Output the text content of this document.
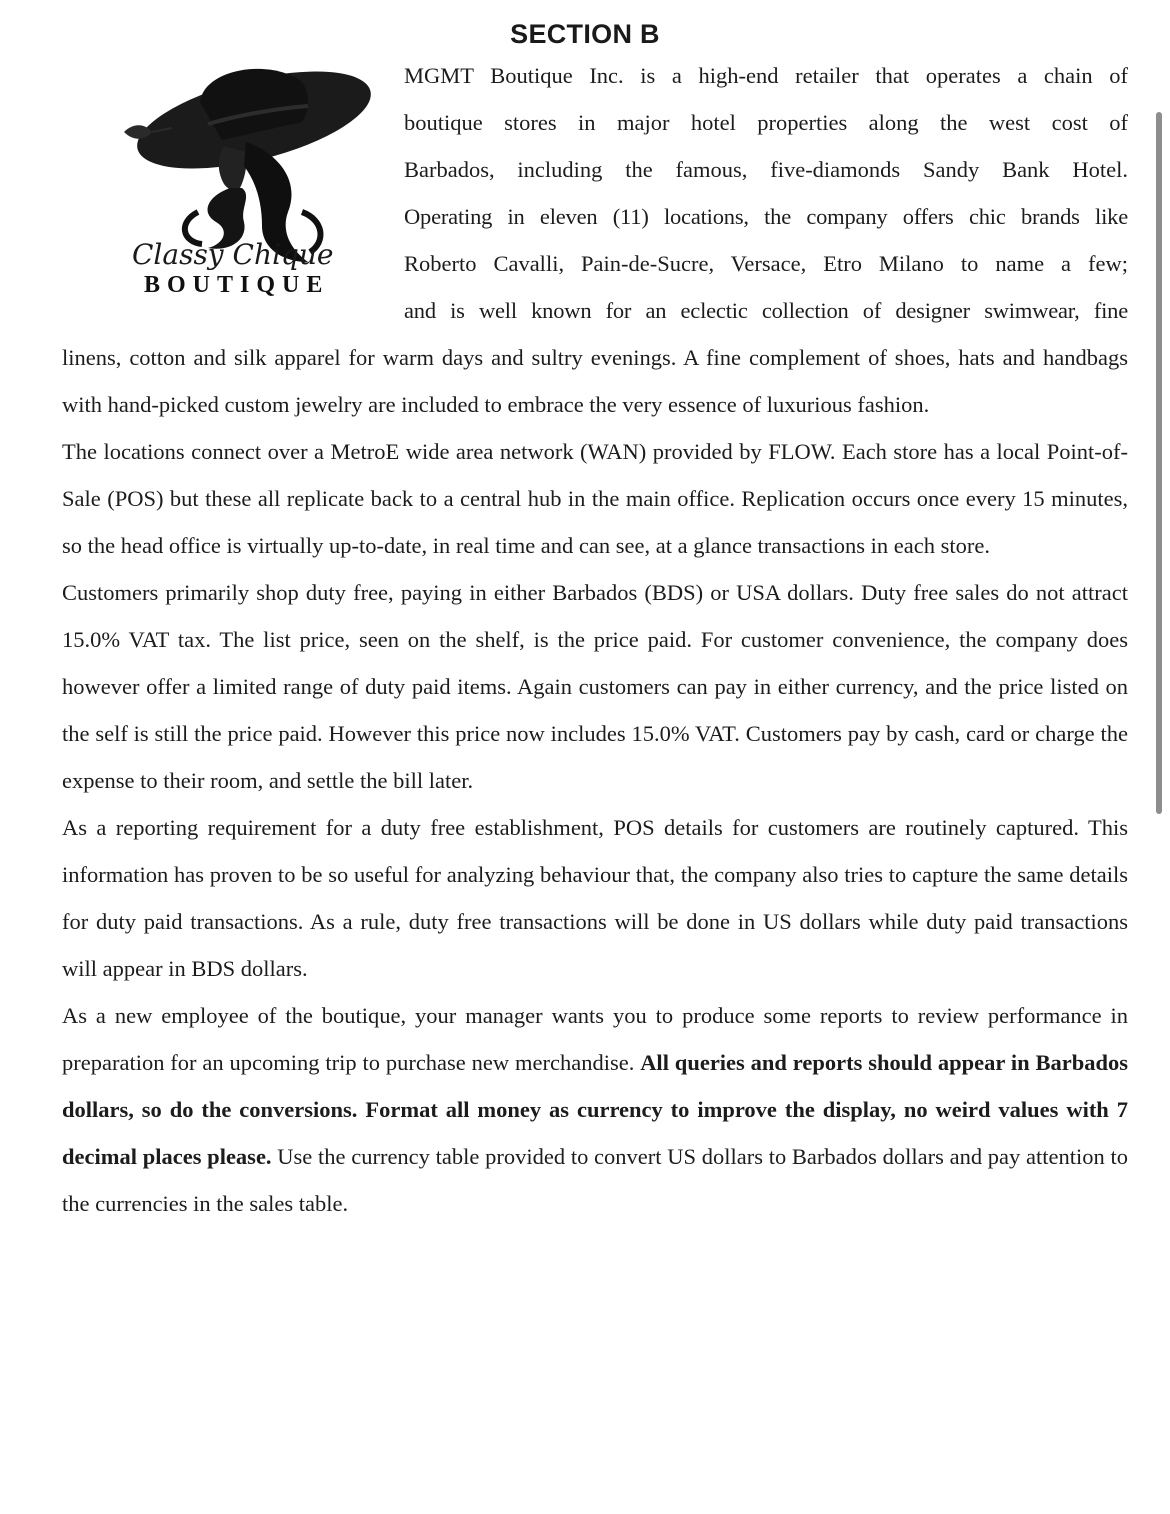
SECTION B
Classy Chique
BOUTIQUE
MGMT Boutique Inc. is a high-end retailer that operates a chain of
boutique stores in major hotel properties along the west cost of
Barbados, including the famous, five-diamonds Sandy Bank Hotel.
Operating in eleven (11) locations, the company offers chic brands like
Roberto Cavalli, Pain-de-Sucre, Versace, Etro Milano to name a few;
and is well known for an eclectic collection of designer swimwear, fine

linens, cotton and silk apparel for warm days and sultry evenings. A fine complement of shoes, hats and handbags with hand-picked custom jewelry are included to embrace the very essence of luxurious fashion.

The locations connect over a MetroE wide area network (WAN) provided by FLOW. Each store has a local Point-of-Sale (POS) but these all replicate back to a central hub in the main office. Replication occurs once every 15 minutes, so the head office is virtually up-to-date, in real time and can see, at a glance transactions in each store.

Customers primarily shop duty free, paying in either Barbados (BDS) or USA dollars. Duty free sales do not attract 15.0% VAT tax. The list price, seen on the shelf, is the price paid. For customer convenience, the company does however offer a limited range of duty paid items. Again customers can pay in either currency, and the price listed on the self is still the price paid. However this price now includes 15.0% VAT. Customers pay by cash, card or charge the expense to their room, and settle the bill later.

As a reporting requirement for a duty free establishment, POS details for customers are routinely captured. This information has proven to be so useful for analyzing behaviour that, the company also tries to capture the same details for duty paid transactions. As a rule, duty free transactions will be done in US dollars while duty paid transactions will appear in BDS dollars.

As a new employee of the boutique, your manager wants you to produce some reports to review performance in preparation for an upcoming trip to purchase new merchandise. All queries and reports should appear in Barbados dollars, so do the conversions. Format all money as currency to improve the display, no weird values with 7 decimal places please. Use the currency table provided to convert US dollars to Barbados dollars and pay attention to the currencies in the sales table.
